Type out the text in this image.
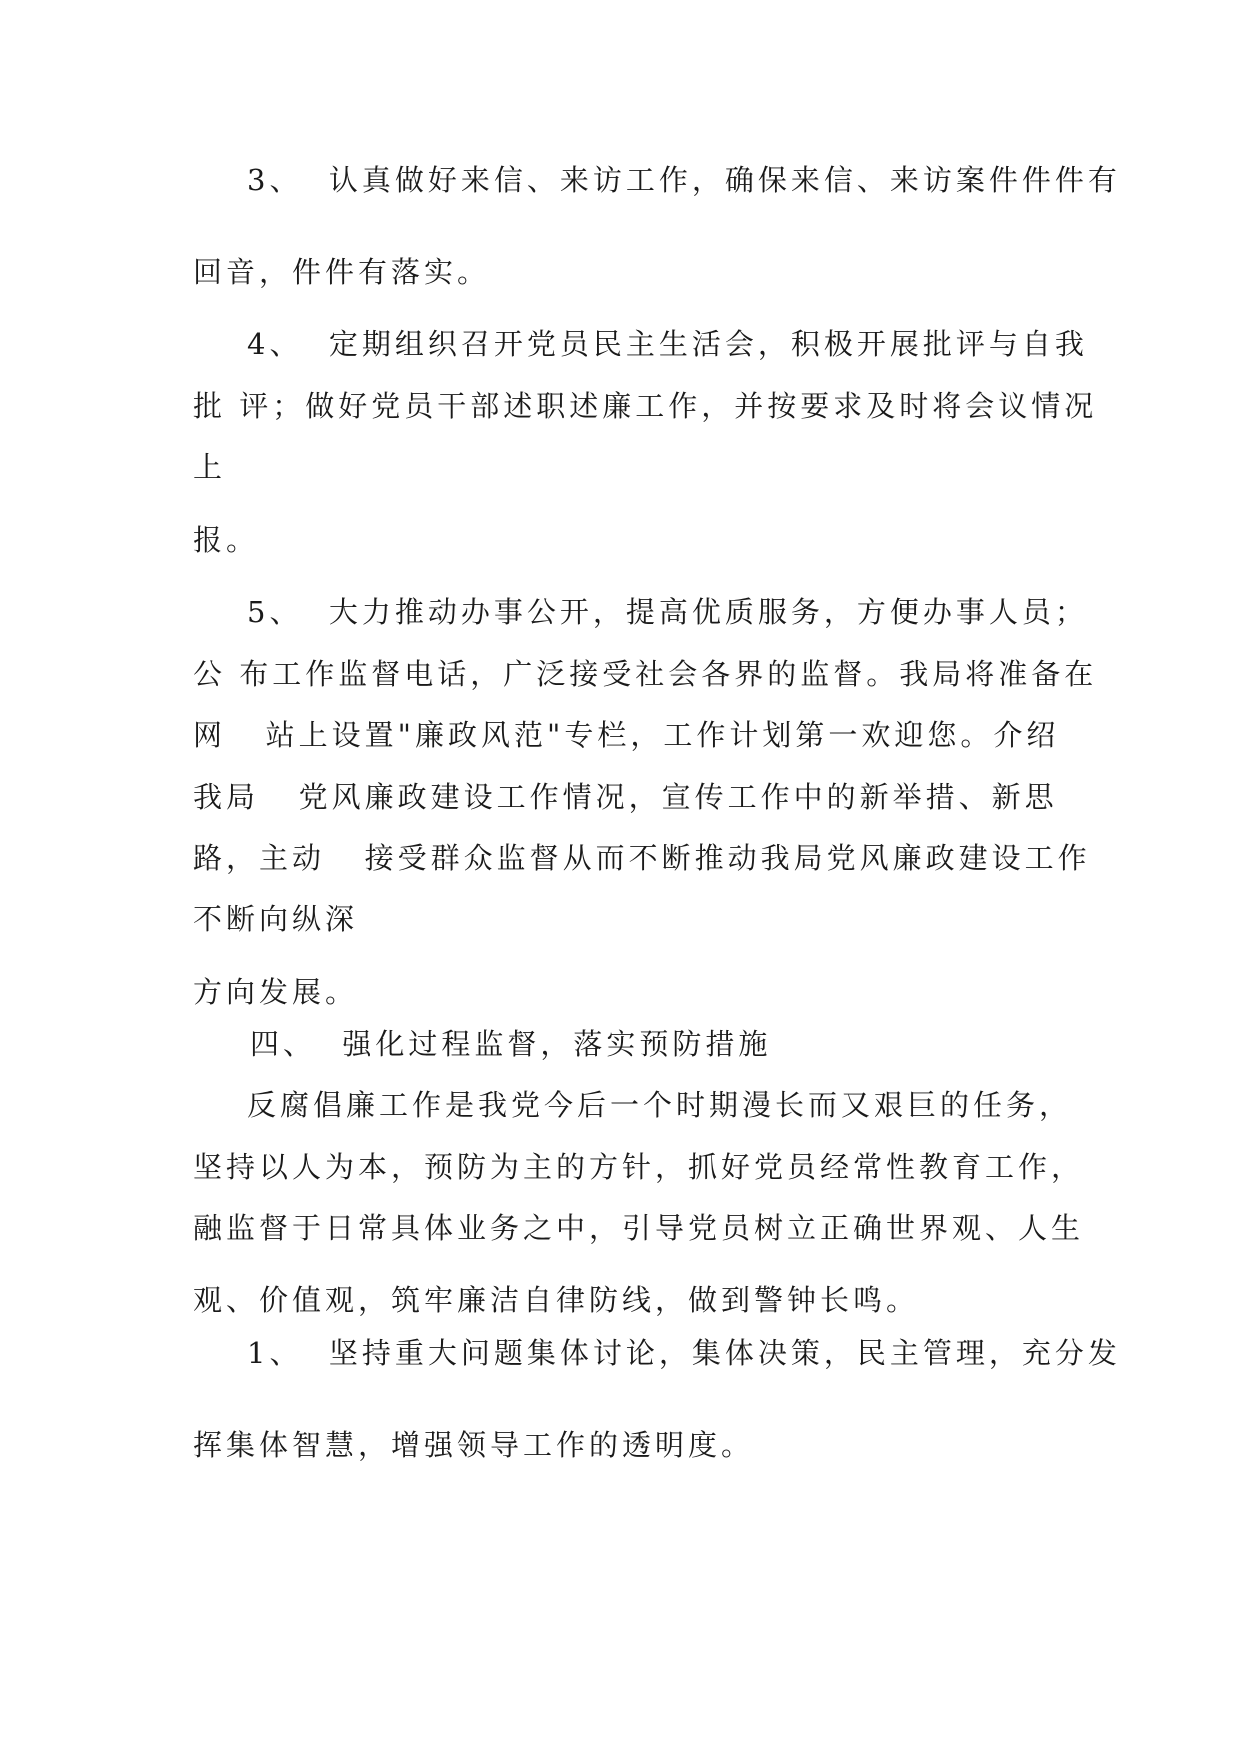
3、  认真做好来信、来访工作，确保来信、来访案件件件有

回音，件件有落实。

4、  定期组织召开党员民主生活会，积极开展批评与自我

批 评；做好党员干部述职述廉工作，并按要求及时将会议情况

上

报。

5、  大力推动办事公开，提高优质服务，方便办事人员；

公 布工作监督电话，广泛接受社会各界的监督。我局将准备在

网   站上设置"廉政风范"专栏，工作计划第一欢迎您。介绍

我局   党风廉政建设工作情况，宣传工作中的新举措、新思

路，主动   接受群众监督从而不断推动我局党风廉政建设工作

不断向纵深

方向发展。

四、  强化过程监督，落实预防措施

反腐倡廉工作是我党今后一个时期漫长而又艰巨的任务，

坚持以人为本，预防为主的方针，抓好党员经常性教育工作，

融监督于日常具体业务之中，引导党员树立正确世界观、人生

观、价值观，筑牢廉洁自律防线，做到警钟长鸣。

1、  坚持重大问题集体讨论，集体决策，民主管理，充分发

挥集体智慧，增强领导工作的透明度。
